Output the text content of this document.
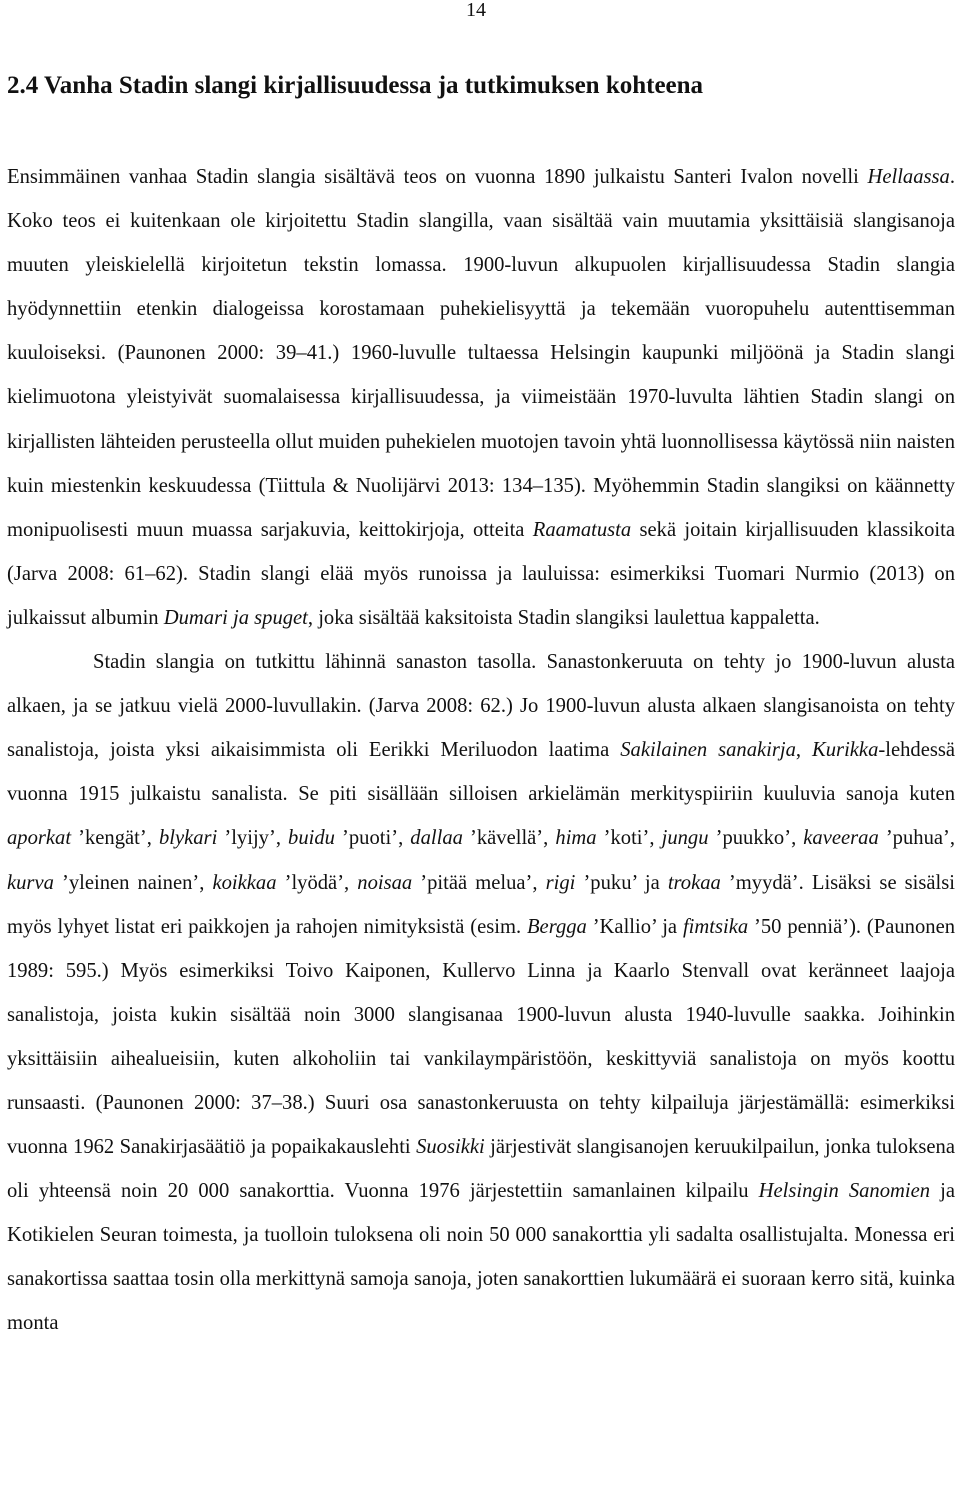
14
2.4 Vanha Stadin slangi kirjallisuudessa ja tutkimuksen kohteena

Ensimmäinen vanhaa Stadin slangia sisältävä teos on vuonna 1890 julkaistu Santeri Ivalon novelli Hellaassa. Koko teos ei kuitenkaan ole kirjoitettu Stadin slangilla, vaan sisältää vain muutamia yksittäisiä slangisanoja muuten yleiskielellä kirjoitetun tekstin lomassa. 1900-luvun alkupuolen kirjallisuudessa Stadin slangia hyödynnettiin etenkin dialogeissa korostamaan puhekielisyyttä ja tekemään vuoropuhelu autenttisemman kuuloiseksi. (Paunonen 2000: 39–41.) 1960-luvulle tultaessa Helsingin kaupunki miljöönä ja Stadin slangi kielimuotona yleistyivät suomalaisessa kirjallisuudessa, ja viimeistään 1970-luvulta lähtien Stadin slangi on kirjallisten lähteiden perusteella ollut muiden puhekielen muotojen tavoin yhtä luonnollisessa käytössä niin naisten kuin miestenkin keskuudessa (Tiittula & Nuolijärvi 2013: 134–135). Myöhemmin Stadin slangiksi on käännetty monipuolisesti muun muassa sarjakuvia, keittokirjoja, otteita Raamatusta sekä joitain kirjallisuuden klassikoita (Jarva 2008: 61–62). Stadin slangi elää myös runoissa ja lauluissa: esimerkiksi Tuomari Nurmio (2013) on julkaissut albumin Dumari ja spuget, joka sisältää kaksitoista Stadin slangiksi laulettua kappaletta.

Stadin slangia on tutkittu lähinnä sanaston tasolla. Sanastonkeruuta on tehty jo 1900-luvun alusta alkaen, ja se jatkuu vielä 2000-luvullakin. (Jarva 2008: 62.) Jo 1900-luvun alusta alkaen slangisanoista on tehty sanalistoja, joista yksi aikaisimmista oli Eerikki Meriluodon laatima Sakilainen sanakirja, Kurikka-lehdessä vuonna 1915 julkaistu sanalista. Se piti sisällään silloisen arkielämän merkityspiiriin kuuluvia sanoja kuten aporkat ’kengät’, blykari ’lyijy’, buidu ’puoti’, dallaa ’kävellä’, hima ’koti’, jungu ’puukko’, kaveeraa ’puhua’, kurva ’yleinen nainen’, koikkaa ’lyödä’, noisaa ’pitää melua’, rigi ’puku’ ja trokaa ’myydä’. Lisäksi se sisälsi myös lyhyet listat eri paikkojen ja rahojen nimityksistä (esim. Bergga ’Kallio’ ja fimtsika ’50 penniä’). (Paunonen 1989: 595.) Myös esimerkiksi Toivo Kaiponen, Kullervo Linna ja Kaarlo Stenvall ovat keränneet laajoja sanalistoja, joista kukin sisältää noin 3000 slangisanaa 1900-luvun alusta 1940-luvulle saakka. Joihinkin yksittäisiin aihealueisiin, kuten alkoholiin tai vankilaympäristöön, keskittyviä sanalistoja on myös koottu runsaasti. (Paunonen 2000: 37–38.) Suuri osa sanastonkeruusta on tehty kilpailuja järjestämällä: esimerkiksi vuonna 1962 Sanakirjasäätiö ja popaikakauslehti Suosikki järjestivät slangisanojen keruukilpailun, jonka tuloksena oli yhteensä noin 20 000 sanakorttia. Vuonna 1976 järjestettiin samanlainen kilpailu Helsingin Sanomien ja Kotikielen Seuran toimesta, ja tuolloin tuloksena oli noin 50 000 sanakorttia yli sadalta osallistujalta. Monessa eri sanakortissa saattaa tosin olla merkittynä samoja sanoja, joten sanakorttien lukumäärä ei suoraan kerro sitä, kuinka monta
